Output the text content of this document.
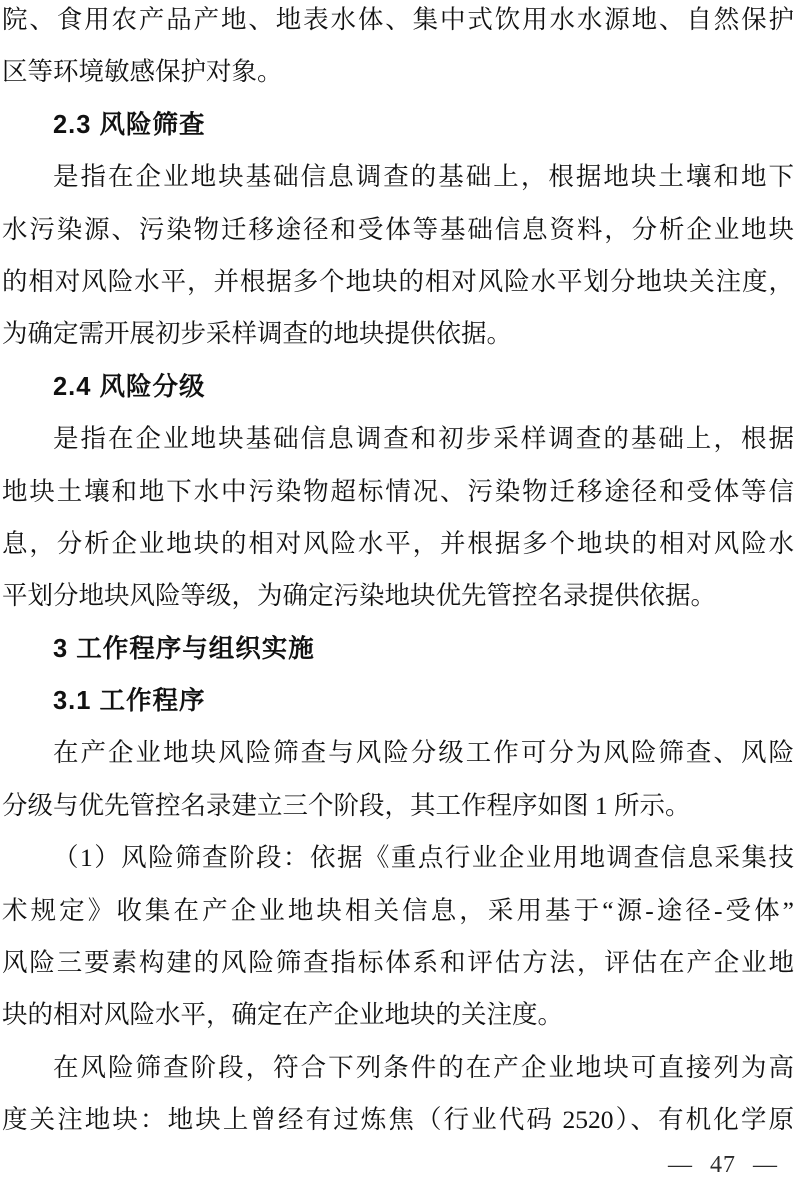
院、食用农产品产地、地表水体、集中式饮用水水源地、自然保护
区等环境敏感保护对象。
2.3 风险筛查
是指在企业地块基础信息调查的基础上，根据地块土壤和地下
水污染源、污染物迁移途径和受体等基础信息资料，分析企业地块
的相对风险水平，并根据多个地块的相对风险水平划分地块关注度，
为确定需开展初步采样调查的地块提供依据。
2.4 风险分级
是指在企业地块基础信息调查和初步采样调查的基础上，根据
地块土壤和地下水中污染物超标情况、污染物迁移途径和受体等信
息，分析企业地块的相对风险水平，并根据多个地块的相对风险水
平划分地块风险等级，为确定污染地块优先管控名录提供依据。
3 工作程序与组织实施
3.1 工作程序
在产企业地块风险筛查与风险分级工作可分为风险筛查、风险
分级与优先管控名录建立三个阶段，其工作程序如图 1 所示。
（1）风险筛查阶段：依据《重点行业企业用地调查信息采集技
术规定》收集在产企业地块相关信息，采用基于“源-途径-受体”
风险三要素构建的风险筛查指标体系和评估方法，评估在产企业地
块的相对风险水平，确定在产企业地块的关注度。
在风险筛查阶段，符合下列条件的在产企业地块可直接列为高
度关注地块：地块上曾经有过炼焦（行业代码 2520）、有机化学原
— 47 —
